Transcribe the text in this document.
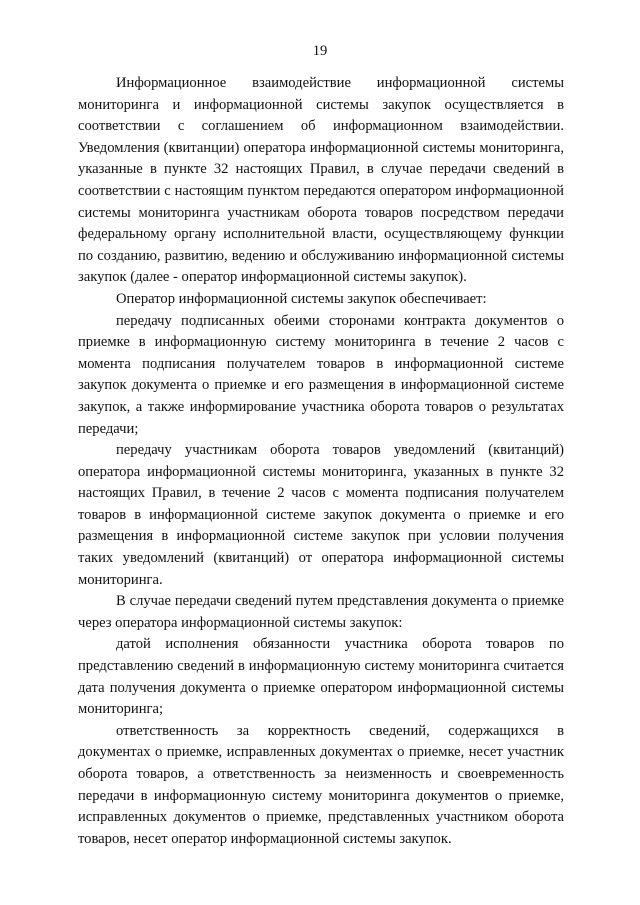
19

Информационное взаимодействие информационной системы мониторинга и информационной системы закупок осуществляется в соответствии с соглашением об информационном взаимодействии. Уведомления (квитанции) оператора информационной системы мониторинга, указанные в пункте 32 настоящих Правил, в случае передачи сведений в соответствии с настоящим пунктом передаются оператором информационной системы мониторинга участникам оборота товаров посредством передачи федеральному органу исполнительной власти, осуществляющему функции по созданию, развитию, ведению и обслуживанию информационной системы закупок (далее - оператор информационной системы закупок).

Оператор информационной системы закупок обеспечивает:

передачу подписанных обеими сторонами контракта документов о приемке в информационную систему мониторинга в течение 2 часов с момента подписания получателем товаров в информационной системе закупок документа о приемке и его размещения в информационной системе закупок, а также информирование участника оборота товаров о результатах передачи;

передачу участникам оборота товаров уведомлений (квитанций) оператора информационной системы мониторинга, указанных в пункте 32 настоящих Правил, в течение 2 часов с момента подписания получателем товаров в информационной системе закупок документа о приемке и его размещения в информационной системе закупок при условии получения таких уведомлений (квитанций) от оператора информационной системы мониторинга.

В случае передачи сведений путем представления документа о приемке через оператора информационной системы закупок:

датой исполнения обязанности участника оборота товаров по представлению сведений в информационную систему мониторинга считается дата получения документа о приемке оператором информационной системы мониторинга;

ответственность за корректность сведений, содержащихся в документах о приемке, исправленных документах о приемке, несет участник оборота товаров, а ответственность за неизменность и своевременность передачи в информационную систему мониторинга документов о приемке, исправленных документов о приемке, представленных участником оборота товаров, несет оператор информационной системы закупок.
